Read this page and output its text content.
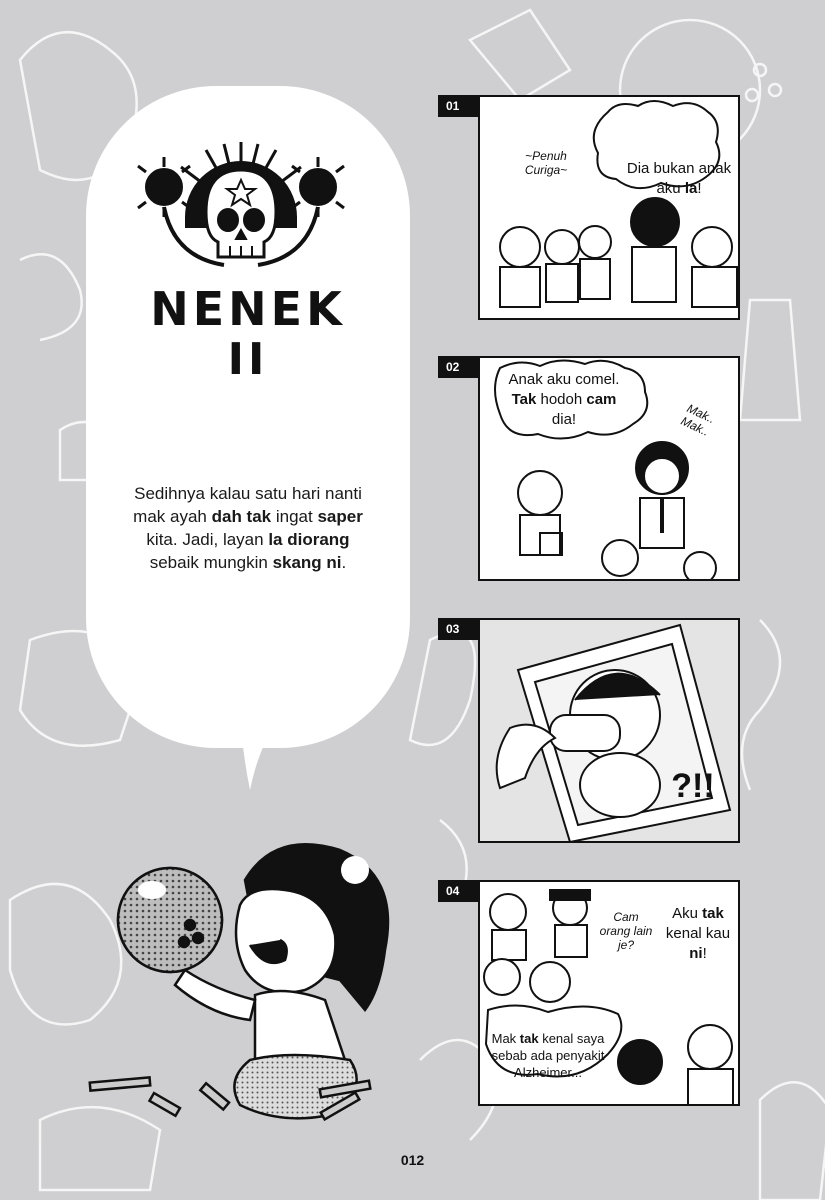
NENEK
II
Sedihnya kalau satu hari nanti mak ayah dah tak ingat saper kita. Jadi, layan la diorang sebaik mungkin skang ni.
01
~Penuh Curiga~	Dia bukan anak aku la!
02
Anak aku comel. Tak hodoh cam dia!	Mak.. Mak..
03
?!!
04
Cam orang lain je?
Aku tak kenal kau ni!
Mak tak kenal saya sebab ada penyakit Alzheimer...
012
